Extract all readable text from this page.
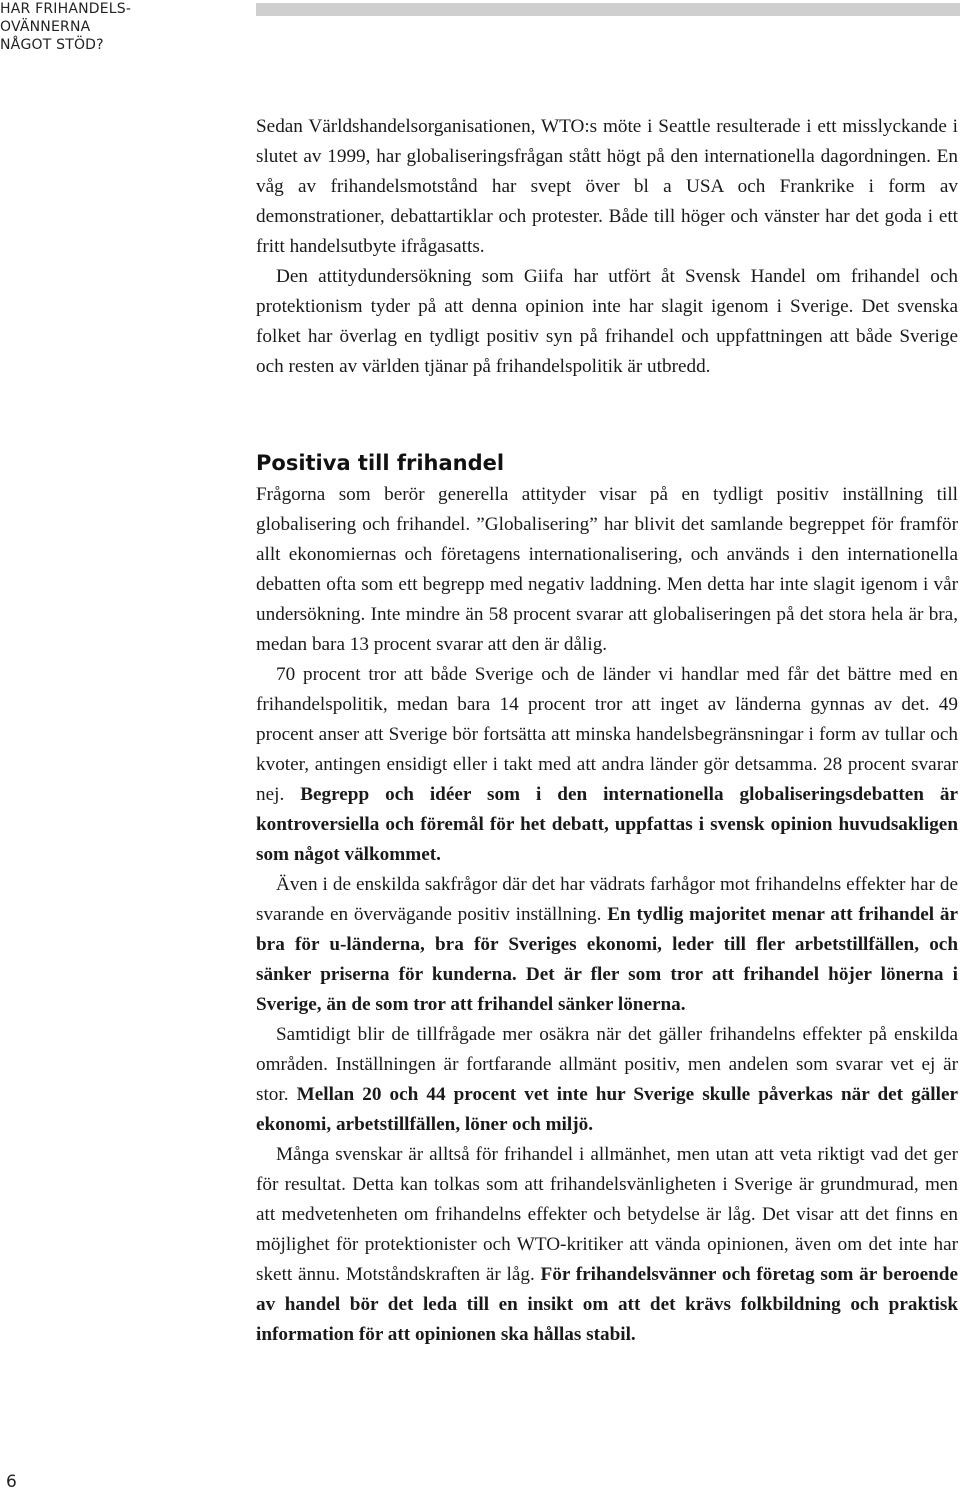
HAR FRIHANDELS-
OVÄNNERNA
NÅGOT STÖD?

Sedan Världshandelsorganisationen, WTO:s möte i Seattle resulterade i ett misslyckande i slutet av 1999, har globaliseringsfrågan stått högt på den internationella dagordningen. En våg av frihandelsmotstånd har svept över bl a USA och Frankrike i form av demonstrationer, debattartiklar och protester. Både till höger och vänster har det goda i ett fritt handelsutbyte ifrågasatts.

Den attitydundersökning som Giifa har utfört åt Svensk Handel om frihandel och protektionism tyder på att denna opinion inte har slagit igenom i Sverige. Det svenska folket har överlag en tydligt positiv syn på frihandel och uppfattningen att både Sverige och resten av världen tjänar på frihandelspolitik är utbredd.

Positiva till frihandel

Frågorna som berör generella attityder visar på en tydligt positiv inställning till globalisering och frihandel. ”Globalisering” har blivit det samlande begreppet för framför allt ekonomiernas och företagens internationalisering, och används i den internationella debatten ofta som ett begrepp med negativ laddning. Men detta har inte slagit igenom i vår undersökning. Inte mindre än 58 procent svarar att globaliseringen på det stora hela är bra, medan bara 13 procent svarar att den är dålig.

70 procent tror att både Sverige och de länder vi handlar med får det bättre med en frihandelspolitik, medan bara 14 procent tror att inget av länderna gynnas av det. 49 procent anser att Sverige bör fortsätta att minska handelsbegränsningar i form av tullar och kvoter, antingen ensidigt eller i takt med att andra länder gör detsamma. 28 procent svarar nej. Begrepp och idéer som i den internationella globaliseringsdebatten är kontroversiella och föremål för het debatt, uppfattas i svensk opinion huvudsakligen som något välkommet.

Även i de enskilda sakfrågor där det har vädrats farhågor mot frihandelns effekter har de svarande en övervägande positiv inställning. En tydlig majoritet menar att frihandel är bra för u-länderna, bra för Sveriges ekonomi, leder till fler arbetstillfällen, och sänker priserna för kunderna. Det är fler som tror att frihandel höjer lönerna i Sverige, än de som tror att frihandel sänker lönerna.

Samtidigt blir de tillfrågade mer osäkra när det gäller frihandelns effekter på enskilda områden. Inställningen är fortfarande allmänt positiv, men andelen som svarar vet ej är stor. Mellan 20 och 44 procent vet inte hur Sverige skulle påverkas när det gäller ekonomi, arbetstillfällen, löner och miljö.

Många svenskar är alltså för frihandel i allmänhet, men utan att veta riktigt vad det ger för resultat. Detta kan tolkas som att frihandelsvänligheten i Sverige är grundmurad, men att medvetenheten om frihandelns effekter och betydelse är låg. Det visar att det finns en möjlighet för protektionister och WTO-kritiker att vända opinionen, även om det inte har skett ännu. Motståndskraften är låg. För frihandelsvänner och företag som är beroende av handel bör det leda till en insikt om att det krävs folkbildning och praktisk information för att opinionen ska hållas stabil.

6
